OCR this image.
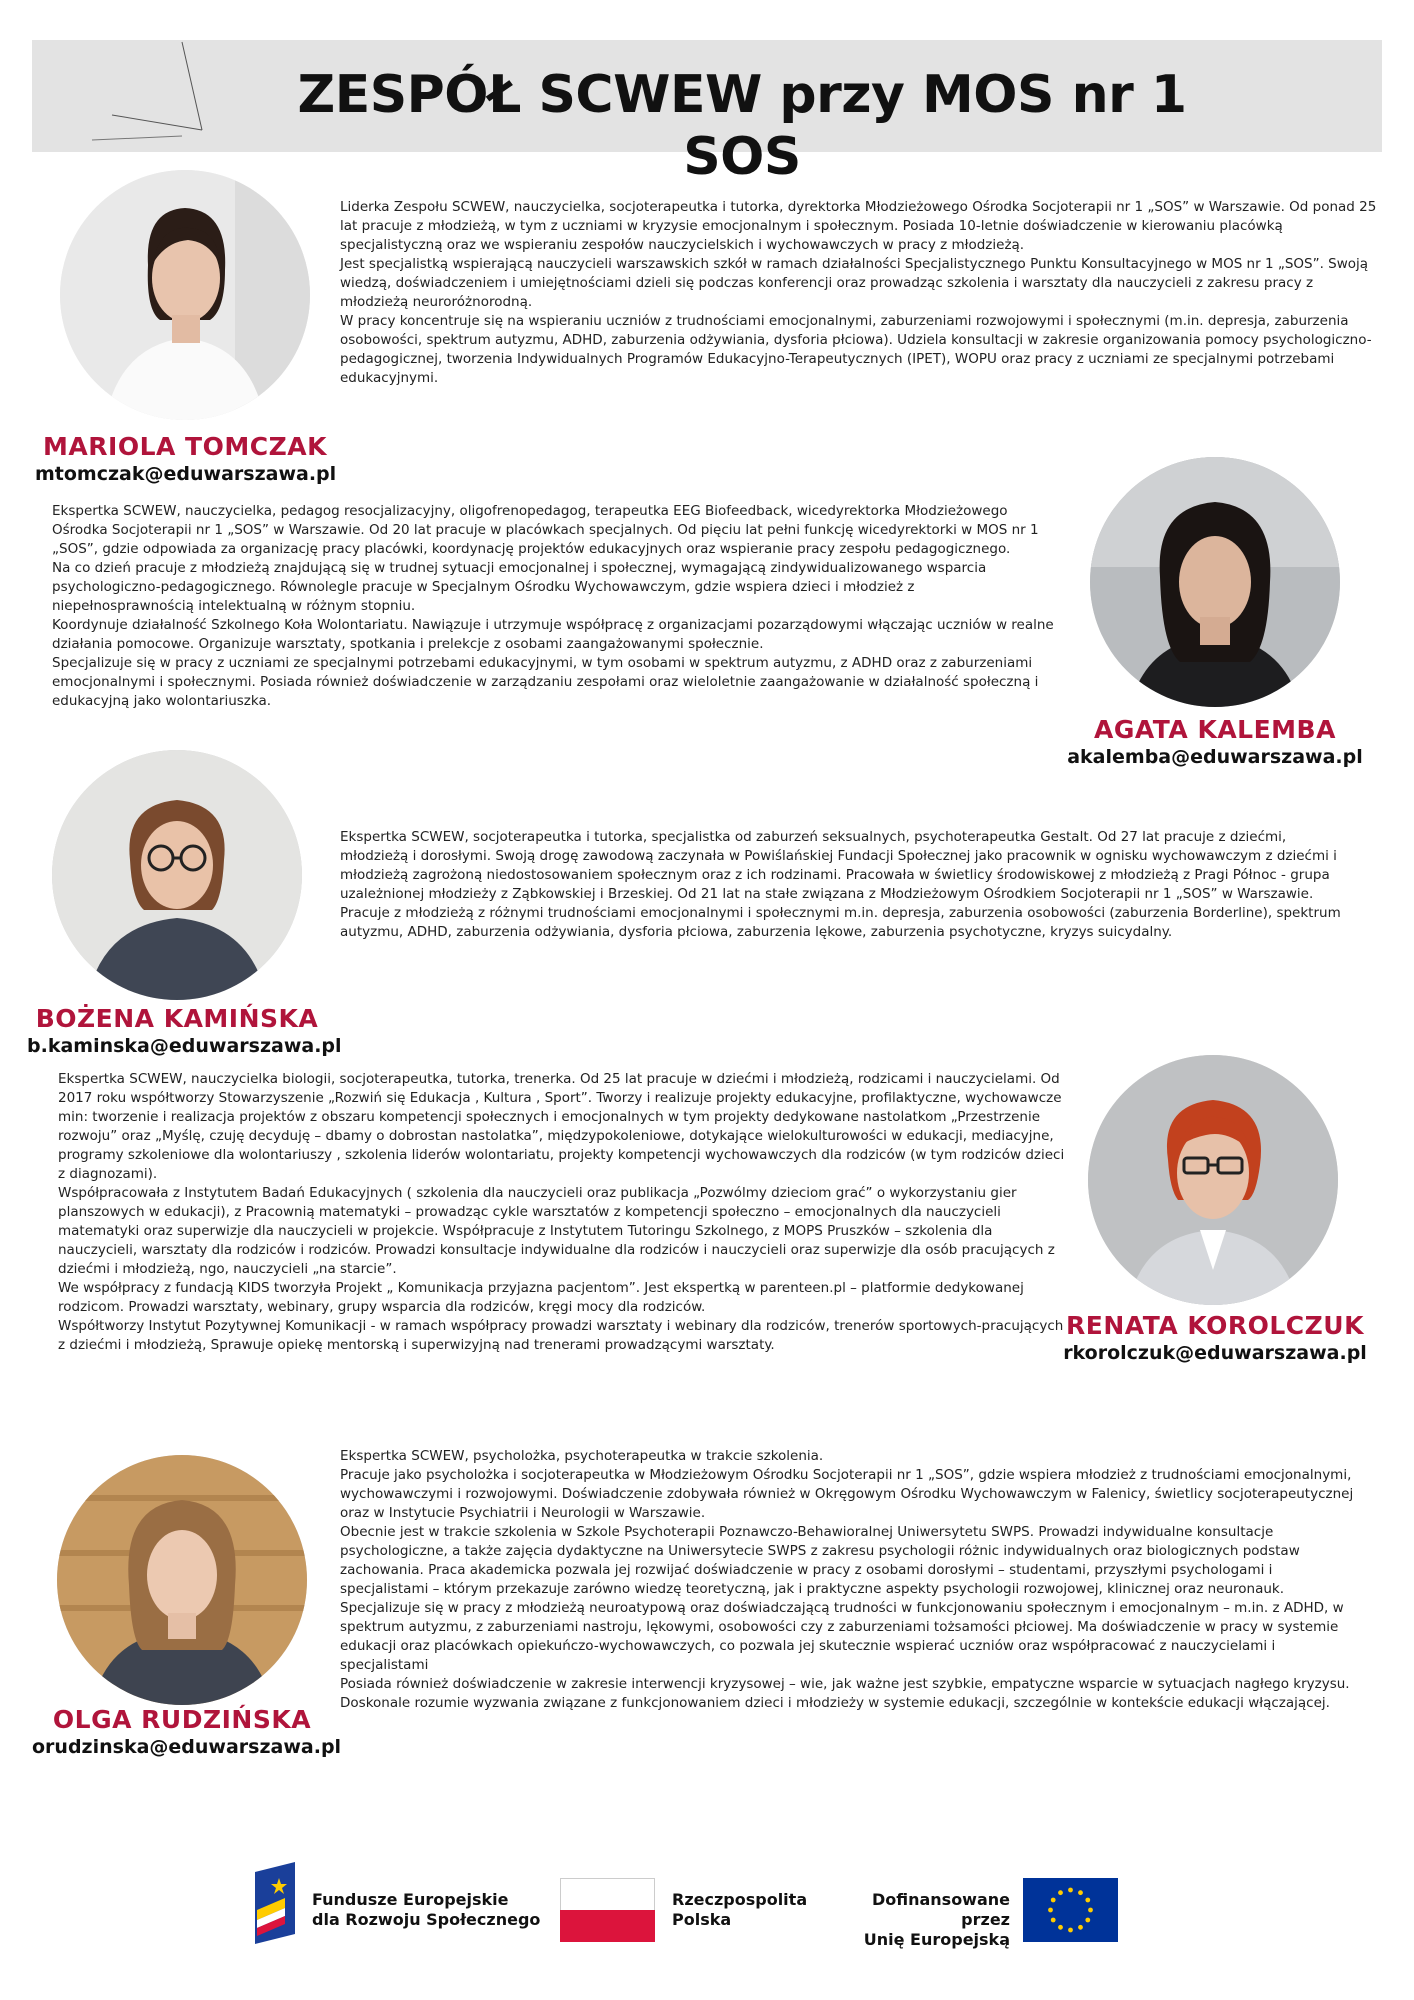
ZESPÓŁ SCWEW przy MOS nr 1 SOS
MARIOLA TOMCZAK
mtomczak@eduwarszawa.pl

Liderka Zespołu SCWEW, nauczycielka, socjoterapeutka i tutorka, dyrektorka Młodzieżowego Ośrodka Socjoterapii nr 1 „SOS” w Warszawie. Od ponad 25 lat pracuje z młodzieżą, w tym z uczniami w kryzysie emocjonalnym i społecznym. Posiada 10-letnie doświadczenie w kierowaniu placówką specjalistyczną oraz we wspieraniu zespołów nauczycielskich i wychowawczych w pracy z młodzieżą.

Jest specjalistką wspierającą nauczycieli warszawskich szkół w ramach działalności Specjalistycznego Punktu Konsultacyjnego w MOS nr 1 „SOS”. Swoją wiedzą, doświadczeniem i umiejętnościami dzieli się podczas konferencji oraz prowadząc szkolenia i warsztaty dla nauczycieli z zakresu pracy z młodzieżą neuroróżnorodną.

W pracy koncentruje się na wspieraniu uczniów z trudnościami emocjonalnymi, zaburzeniami rozwojowymi i społecznymi (m.in. depresja, zaburzenia osobowości, spektrum autyzmu, ADHD, zaburzenia odżywiania, dysforia płciowa). Udziela konsultacji w zakresie organizowania pomocy psychologiczno-pedagogicznej, tworzenia Indywidualnych Programów Edukacyjno-Terapeutycznych (IPET), WOPU oraz pracy z uczniami ze specjalnymi potrzebami edukacyjnymi.

Ekspertka SCWEW, nauczycielka, pedagog resocjalizacyjny, oligofrenopedagog, terapeutka EEG Biofeedback, wicedyrektorka Młodzieżowego Ośrodka Socjoterapii nr 1 „SOS” w Warszawie. Od 20 lat pracuje w placówkach specjalnych. Od pięciu lat pełni funkcję wicedyrektorki w MOS nr 1 „SOS”, gdzie odpowiada za organizację pracy placówki, koordynację projektów edukacyjnych oraz wspieranie pracy zespołu pedagogicznego.

Na co dzień pracuje z młodzieżą znajdującą się w trudnej sytuacji emocjonalnej i społecznej, wymagającą zindywidualizowanego wsparcia psychologiczno-pedagogicznego. Równolegle pracuje w Specjalnym Ośrodku Wychowawczym, gdzie wspiera dzieci i młodzież z niepełnosprawnością intelektualną w różnym stopniu.

Koordynuje działalność Szkolnego Koła Wolontariatu. Nawiązuje i utrzymuje współpracę z organizacjami pozarządowymi włączając uczniów w realne działania pomocowe. Organizuje warsztaty, spotkania i prelekcje z osobami zaangażowanymi społecznie.

Specjalizuje się w pracy z uczniami ze specjalnymi potrzebami edukacyjnymi, w tym osobami w spektrum autyzmu, z ADHD oraz z zaburzeniami emocjonalnymi i społecznymi. Posiada również doświadczenie w zarządzaniu zespołami oraz wieloletnie zaangażowanie w działalność społeczną i edukacyjną jako wolontariuszka.

AGATA KALEMBA
akalemba@eduwarszawa.pl
BOŻENA KAMIŃSKA
b.kaminska@eduwarszawa.pl

Ekspertka SCWEW, socjoterapeutka i tutorka, specjalistka od zaburzeń seksualnych, psychoterapeutka Gestalt. Od 27 lat pracuje z dziećmi, młodzieżą i dorosłymi. Swoją drogę zawodową zaczynała w Powiślańskiej Fundacji Społecznej jako pracownik w ognisku wychowawczym z dziećmi i młodzieżą zagrożoną niedostosowaniem społecznym oraz z ich rodzinami. Pracowała w świetlicy środowiskowej z młodzieżą z Pragi Północ - grupa uzależnionej młodzieży z Ząbkowskiej i Brzeskiej. Od 21 lat na stałe związana z Młodzieżowym Ośrodkiem Socjoterapii nr 1 „SOS” w Warszawie.

Pracuje z młodzieżą z różnymi trudnościami emocjonalnymi i społecznymi m.in. depresja, zaburzenia osobowości (zaburzenia Borderline), spektrum autyzmu, ADHD, zaburzenia odżywiania, dysforia płciowa, zaburzenia lękowe, zaburzenia psychotyczne, kryzys suicydalny.

Ekspertka SCWEW, nauczycielka biologii, socjoterapeutka, tutorka, trenerka. Od 25 lat pracuje w dziećmi i młodzieżą, rodzicami i nauczycielami. Od 2017 roku współtworzy Stowarzyszenie „Rozwiń się Edukacja , Kultura , Sport”. Tworzy i realizuje projekty edukacyjne, profilaktyczne, wychowawcze min: tworzenie i realizacja projektów z obszaru kompetencji społecznych i emocjonalnych w tym projekty dedykowane nastolatkom „Przestrzenie rozwoju” oraz „Myślę, czuję decyduję – dbamy o dobrostan nastolatka”, międzypokoleniowe, dotykające wielokulturowości w edukacji, mediacyjne, programy szkoleniowe dla wolontariuszy , szkolenia liderów wolontariatu, projekty kompetencji wychowawczych dla rodziców (w tym rodziców dzieci z diagnozami).

Współpracowała z Instytutem Badań Edukacyjnych ( szkolenia dla nauczycieli oraz publikacja „Pozwólmy dzieciom grać” o wykorzystaniu gier planszowych w edukacji), z Pracownią matematyki – prowadząc cykle warsztatów z kompetencji społeczno – emocjonalnych dla nauczycieli matematyki oraz superwizje dla nauczycieli w projekcie. Współpracuje z Instytutem Tutoringu Szkolnego, z MOPS Pruszków – szkolenia dla nauczycieli, warsztaty dla rodziców i rodziców. Prowadzi konsultacje indywidualne dla rodziców i nauczycieli oraz superwizje dla osób pracujących z dziećmi i młodzieżą, ngo, nauczycieli „na starcie”.

We współpracy z fundacją KIDS tworzyła Projekt „ Komunikacja przyjazna pacjentom”. Jest ekspertką w parenteen.pl – platformie dedykowanej rodzicom. Prowadzi warsztaty, webinary, grupy wsparcia dla rodziców, kręgi mocy dla rodziców.

Współtworzy Instytut Pozytywnej Komunikacji - w ramach współpracy prowadzi warsztaty i webinary dla rodziców, trenerów sportowych-pracujących z dziećmi i młodzieżą, Sprawuje opiekę mentorską i superwizyjną nad trenerami prowadzącymi warsztaty.

RENATA KOROLCZUK
rkorolczuk@eduwarszawa.pl
OLGA RUDZIŃSKA
orudzinska@eduwarszawa.pl

Ekspertka SCWEW, psycholożka, psychoterapeutka w trakcie szkolenia.

Pracuje jako psycholożka i socjoterapeutka w Młodzieżowym Ośrodku Socjoterapii nr 1 „SOS”, gdzie wspiera młodzież z trudnościami emocjonalnymi, wychowawczymi i rozwojowymi. Doświadczenie zdobywała również w Okręgowym Ośrodku Wychowawczym w Falenicy, świetlicy socjoterapeutycznej oraz w Instytucie Psychiatrii i Neurologii w Warszawie.

Obecnie jest w trakcie szkolenia w Szkole Psychoterapii Poznawczo-Behawioralnej Uniwersytetu SWPS. Prowadzi indywidualne konsultacje psychologiczne, a także zajęcia dydaktyczne na Uniwersytecie SWPS z zakresu psychologii różnic indywidualnych oraz biologicznych podstaw zachowania. Praca akademicka pozwala jej rozwijać doświadczenie w pracy z osobami dorosłymi – studentami, przyszłymi psychologami i specjalistami – którym przekazuje zarówno wiedzę teoretyczną, jak i praktyczne aspekty psychologii rozwojowej, klinicznej oraz neuronauk.

Specjalizuje się w pracy z młodzieżą neuroatypową oraz doświadczającą trudności w funkcjonowaniu społecznym i emocjonalnym – m.in. z ADHD, w spektrum autyzmu, z zaburzeniami nastroju, lękowymi, osobowości czy z zaburzeniami tożsamości płciowej. Ma doświadczenie w pracy w systemie edukacji oraz placówkach opiekuńczo-wychowawczych, co pozwala jej skutecznie wspierać uczniów oraz współpracować z nauczycielami i specjalistami

Posiada również doświadczenie w zakresie interwencji kryzysowej – wie, jak ważne jest szybkie, empatyczne wsparcie w sytuacjach nagłego kryzysu. Doskonale rozumie wyzwania związane z funkcjonowaniem dzieci i młodzieży w systemie edukacji, szczególnie w kontekście edukacji włączającej.

Fundusze Europejskie
dla Rozwoju Społecznego
Rzeczpospolita
Polska
Dofinansowane przez
Unię Europejską
